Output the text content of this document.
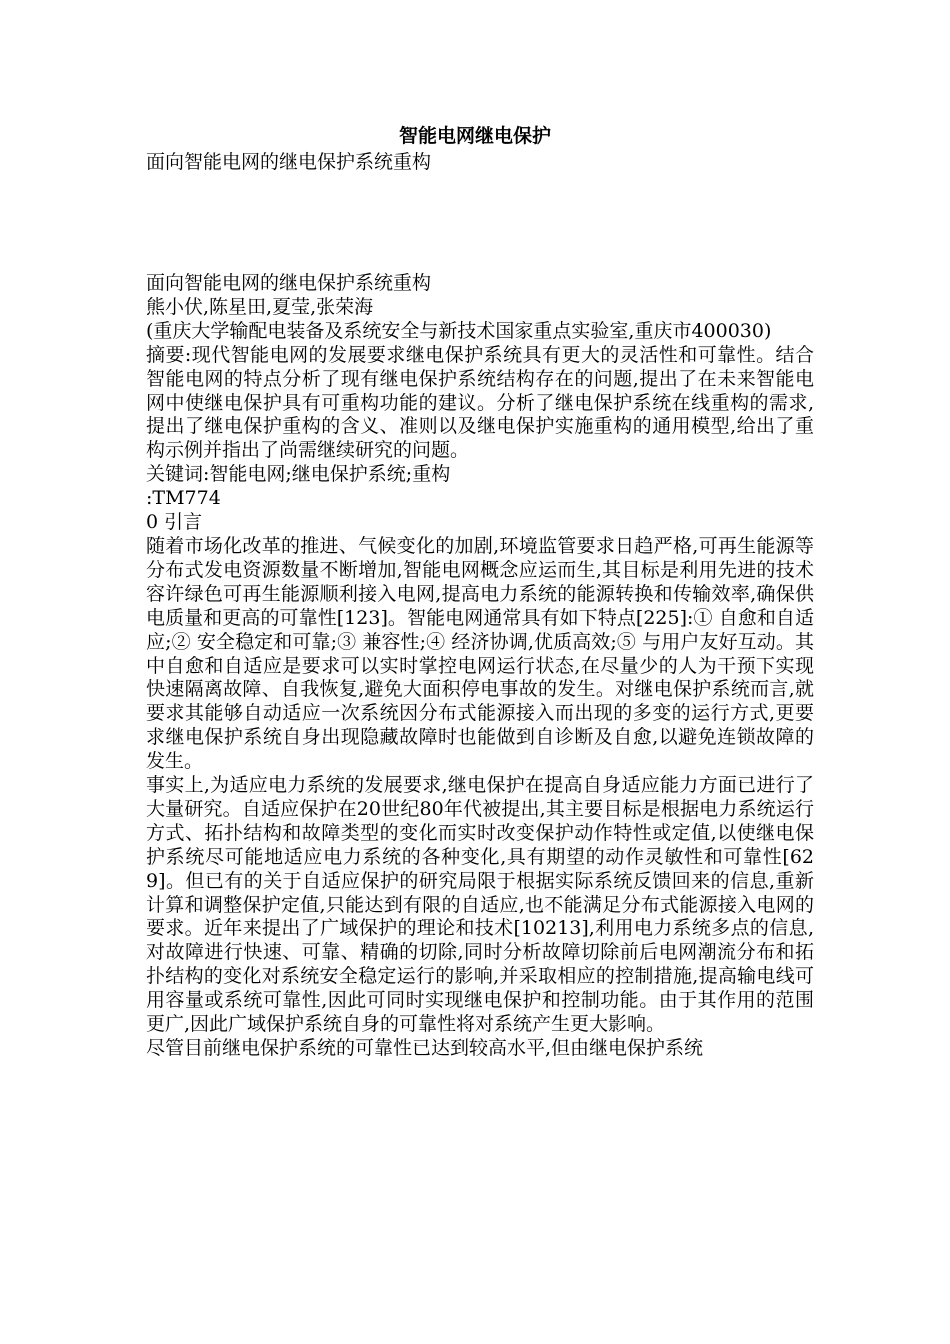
智能电网继电保护
面向智能电网的继电保护系统重构

面向智能电网的继电保护系统重构

熊小伏,陈星田,夏莹,张荣海

(重庆大学输配电装备及系统安全与新技术国家重点实验室,重庆市400030)

摘要:现代智能电网的发展要求继电保护系统具有更大的灵活性和可靠性。结合智能电网的特点分析了现有继电保护系统结构存在的问题,提出了在未来智能电网中使继电保护具有可重构功能的建议。分析了继电保护系统在线重构的需求,提出了继电保护重构的含义、准则以及继电保护实施重构的通用模型,给出了重构示例并指出了尚需继续研究的问题。

关键词:智能电网;继电保护系统;重构

:TM774

0 引言

随着市场化改革的推进、气候变化的加剧,环境监管要求日趋严格,可再生能源等分布式发电资源数量不断增加,智能电网概念应运而生,其目标是利用先进的技术容许绿色可再生能源顺利接入电网,提高电力系统的能源转换和传输效率,确保供电质量和更高的可靠性[123]。智能电网通常具有如下特点[225]:① 自愈和自适应;② 安全稳定和可靠;③ 兼容性;④ 经济协调,优质高效;⑤ 与用户友好互动。其中自愈和自适应是要求可以实时掌控电网运行状态,在尽量少的人为干预下实现快速隔离故障、自我恢复,避免大面积停电事故的发生。对继电保护系统而言,就要求其能够自动适应一次系统因分布式能源接入而出现的多变的运行方式,更要求继电保护系统自身出现隐藏故障时也能做到自诊断及自愈,以避免连锁故障的发生。

事实上,为适应电力系统的发展要求,继电保护在提高自身适应能力方面已进行了大量研究。自适应保护在20世纪80年代被提出,其主要目标是根据电力系统运行方式、拓扑结构和故障类型的变化而实时改变保护动作特性或定值,以使继电保护系统尽可能地适应电力系统的各种变化,具有期望的动作灵敏性和可靠性[629]。但已有的关于自适应保护的研究局限于根据实际系统反馈回来的信息,重新计算和调整保护定值,只能达到有限的自适应,也不能满足分布式能源接入电网的要求。近年来提出了广域保护的理论和技术[10213],利用电力系统多点的信息,对故障进行快速、可靠、精确的切除,同时分析故障切除前后电网潮流分布和拓扑结构的变化对系统安全稳定运行的影响,并采取相应的控制措施,提高输电线可用容量或系统可靠性,因此可同时实现继电保护和控制功能。由于其作用的范围更广,因此广域保护系统自身的可靠性将对系统产生更大影响。

尽管目前继电保护系统的可靠性已达到较高水平,但由继电保护系统
